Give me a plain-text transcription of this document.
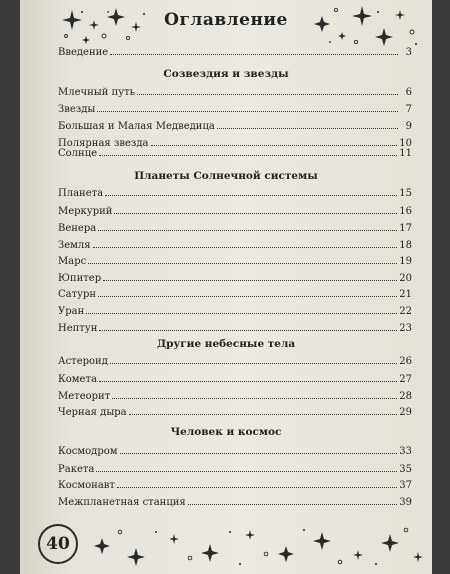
Оглавление
Введение	3
Созвездия и звезды
Млечный путь	6
Звезды	7
Большая и Малая Медведица	9
Полярная звезда	10
Солнце	11
Планеты Солнечной системы
Планета	15
Меркурий	16
Венера	17
Земля	18
Марс	19
Юпитер	20
Сатурн	21
Уран	22
Нептун	23
Другие небесные тела
Астероид	26
Комета	27
Метеорит	28
Черная дыра	29
Человек и космос
Космодром	33
Ракета	35
Космонавт	37
Межпланетная станция	39
40
